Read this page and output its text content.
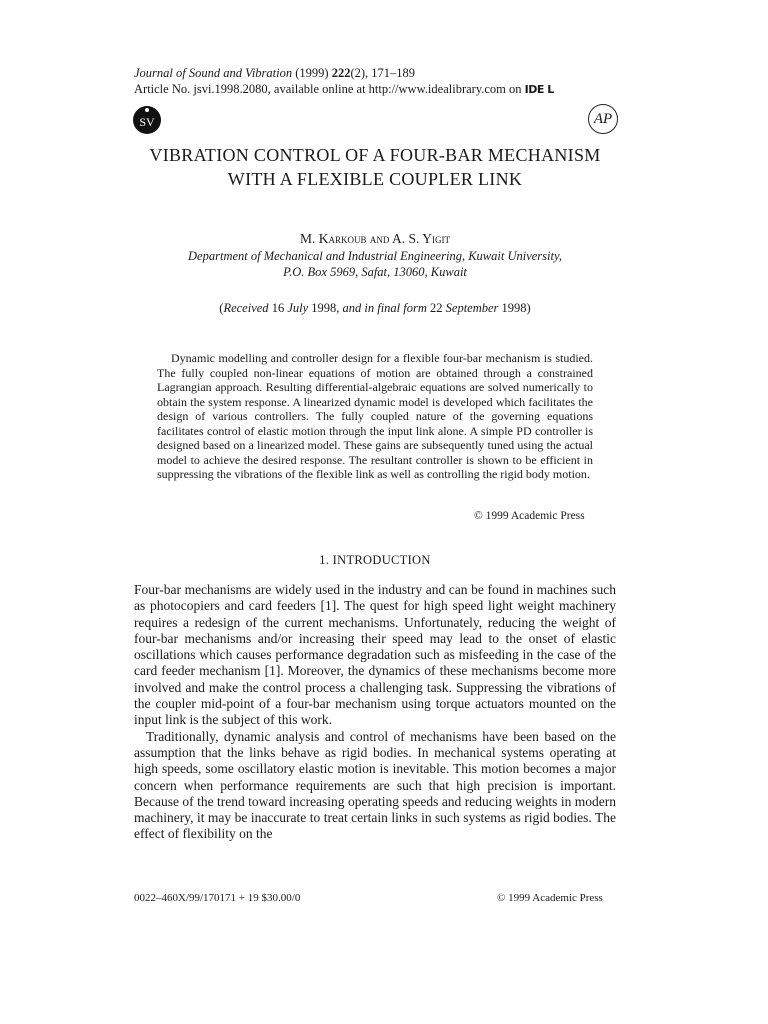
Journal of Sound and Vibration (1999) 222(2), 171–189
Article No. jsvi.1998.2080, available online at http://www.idealibrary.com on IDE L
SV	AP
VIBRATION CONTROL OF A FOUR-BAR MECHANISM WITH A FLEXIBLE COUPLER LINK
M. Karkoub and A. S. Yigit
Department of Mechanical and Industrial Engineering, Kuwait University,
P.O. Box 5969, Safat, 13060, Kuwait
(Received 16 July 1998, and in final form 22 September 1998)
Dynamic modelling and controller design for a flexible four-bar mechanism is studied. The fully coupled non-linear equations of motion are obtained through a constrained Lagrangian approach. Resulting differential-algebraic equations are solved numerically to obtain the system response. A linearized dynamic model is developed which facilitates the design of various controllers. The fully coupled nature of the governing equations facilitates control of elastic motion through the input link alone. A simple PD controller is designed based on a linearized model. These gains are subsequently tuned using the actual model to achieve the desired response. The resultant controller is shown to be efficient in suppressing the vibrations of the flexible link as well as controlling the rigid body motion.
© 1999 Academic Press
1. INTRODUCTION

Four-bar mechanisms are widely used in the industry and can be found in machines such as photocopiers and card feeders [1]. The quest for high speed light weight machinery requires a redesign of the current mechanisms. Unfortunately, reducing the weight of four-bar mechanisms and/or increasing their speed may lead to the onset of elastic oscillations which causes performance degradation such as misfeeding in the case of the card feeder mechanism [1]. Moreover, the dynamics of these mechanisms become more involved and make the control process a challenging task. Suppressing the vibrations of the coupler mid-point of a four-bar mechanism using torque actuators mounted on the input link is the subject of this work.

Traditionally, dynamic analysis and control of mechanisms have been based on the assumption that the links behave as rigid bodies. In mechanical systems operating at high speeds, some oscillatory elastic motion is inevitable. This motion becomes a major concern when performance requirements are such that high precision is important. Because of the trend toward increasing operating speeds and reducing weights in modern machinery, it may be inaccurate to treat certain links in such systems as rigid bodies. The effect of flexibility on the

0022–460X/99/170171 + 19 $30.00/0	© 1999 Academic Press
